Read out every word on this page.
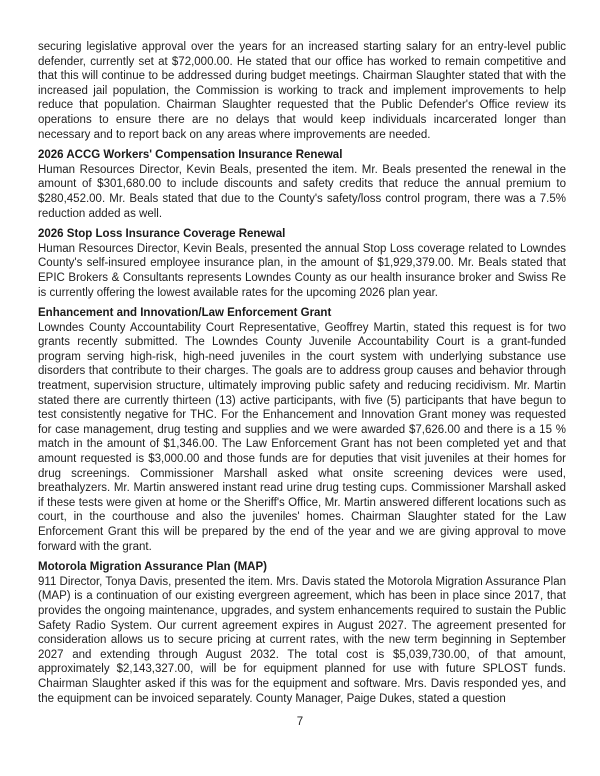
securing legislative approval over the years for an increased starting salary for an entry-level public defender, currently set at $72,000.00. He stated that our office has worked to remain competitive and that this will continue to be addressed during budget meetings. Chairman Slaughter stated that with the increased jail population, the Commission is working to track and implement improvements to help reduce that population. Chairman Slaughter requested that the Public Defender's Office review its operations to ensure there are no delays that would keep individuals incarcerated longer than necessary and to report back on any areas where improvements are needed.

2026 ACCG Workers' Compensation Insurance Renewal

Human Resources Director, Kevin Beals, presented the item. Mr. Beals presented the renewal in the amount of $301,680.00 to include discounts and safety credits that reduce the annual premium to $280,452.00. Mr. Beals stated that due to the County's safety/loss control program, there was a 7.5% reduction added as well.

2026 Stop Loss Insurance Coverage Renewal

Human Resources Director, Kevin Beals, presented the annual Stop Loss coverage related to Lowndes County's self-insured employee insurance plan, in the amount of $1,929,379.00. Mr. Beals stated that EPIC Brokers & Consultants represents Lowndes County as our health insurance broker and Swiss Re is currently offering the lowest available rates for the upcoming 2026 plan year.

Enhancement and Innovation/Law Enforcement Grant

Lowndes County Accountability Court Representative, Geoffrey Martin, stated this request is for two grants recently submitted. The Lowndes County Juvenile Accountability Court is a grant-funded program serving high-risk, high-need juveniles in the court system with underlying substance use disorders that contribute to their charges. The goals are to address group causes and behavior through treatment, supervision structure, ultimately improving public safety and reducing recidivism. Mr. Martin stated there are currently thirteen (13) active participants, with five (5) participants that have begun to test consistently negative for THC. For the Enhancement and Innovation Grant money was requested for case management, drug testing and supplies and we were awarded $7,626.00 and there is a 15 % match in the amount of $1,346.00. The Law Enforcement Grant has not been completed yet and that amount requested is $3,000.00 and those funds are for deputies that visit juveniles at their homes for drug screenings. Commissioner Marshall asked what onsite screening devices were used, breathalyzers. Mr. Martin answered instant read urine drug testing cups. Commissioner Marshall asked if these tests were given at home or the Sheriff's Office, Mr. Martin answered different locations such as court, in the courthouse and also the juveniles' homes. Chairman Slaughter stated for the Law Enforcement Grant this will be prepared by the end of the year and we are giving approval to move forward with the grant.

Motorola Migration Assurance Plan (MAP)

911 Director, Tonya Davis, presented the item. Mrs. Davis stated the Motorola Migration Assurance Plan (MAP) is a continuation of our existing evergreen agreement, which has been in place since 2017, that provides the ongoing maintenance, upgrades, and system enhancements required to sustain the Public Safety Radio System. Our current agreement expires in August 2027. The agreement presented for consideration allows us to secure pricing at current rates, with the new term beginning in September 2027 and extending through August 2032. The total cost is $5,039,730.00, of that amount, approximately $2,143,327.00, will be for equipment planned for use with future SPLOST funds. Chairman Slaughter asked if this was for the equipment and software. Mrs. Davis responded yes, and the equipment can be invoiced separately. County Manager, Paige Dukes, stated a question

7
